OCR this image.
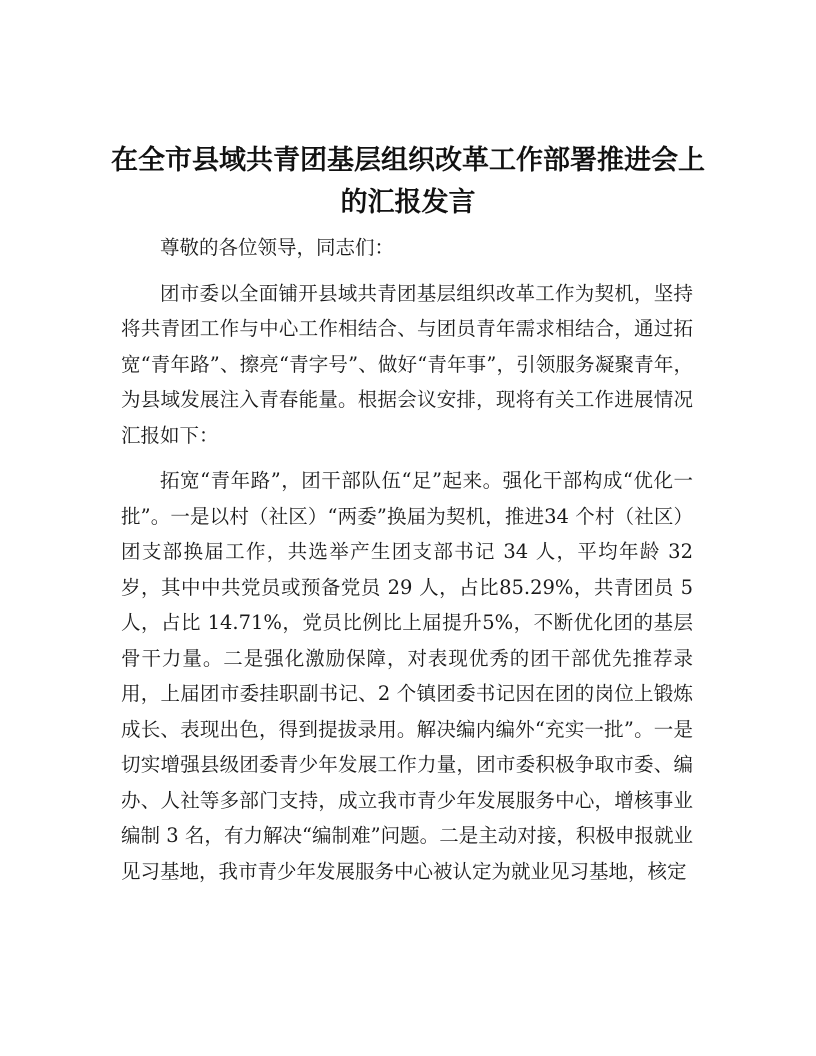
在全市县域共青团基层组织改革工作部署推进会上的汇报发言

尊敬的各位领导，同志们：

团市委以全面铺开县域共青团基层组织改革工作为契机，坚持将共青团工作与中心工作相结合、与团员青年需求相结合，通过拓宽“青年路”、擦亮“青字号”、做好“青年事”，引领服务凝聚青年，为县域发展注入青春能量。根据会议安排，现将有关工作进展情况汇报如下：

拓宽“青年路”，团干部队伍“足”起来。强化干部构成“优化一批”。一是以村（社区）“两委”换届为契机，推进34 个村（社区）团支部换届工作，共选举产生团支部书记 34 人，平均年龄 32 岁，其中中共党员或预备党员 29 人，占比85.29%，共青团员 5 人，占比 14.71%，党员比例比上届提升5%，不断优化团的基层骨干力量。二是强化激励保障，对表现优秀的团干部优先推荐录用，上届团市委挂职副书记、2 个镇团委书记因在团的岗位上锻炼成长、表现出色，得到提拔录用。解决编内编外“充实一批”。一是切实增强县级团委青少年发展工作力量，团市委积极争取市委、编办、人社等多部门支持，成立我市青少年发展服务中心，增核事业编制 3 名，有力解决“编制难”问题。二是主动对接，积极申报就业见习基地，我市青少年发展服务中心被认定为就业见习基地，核定
